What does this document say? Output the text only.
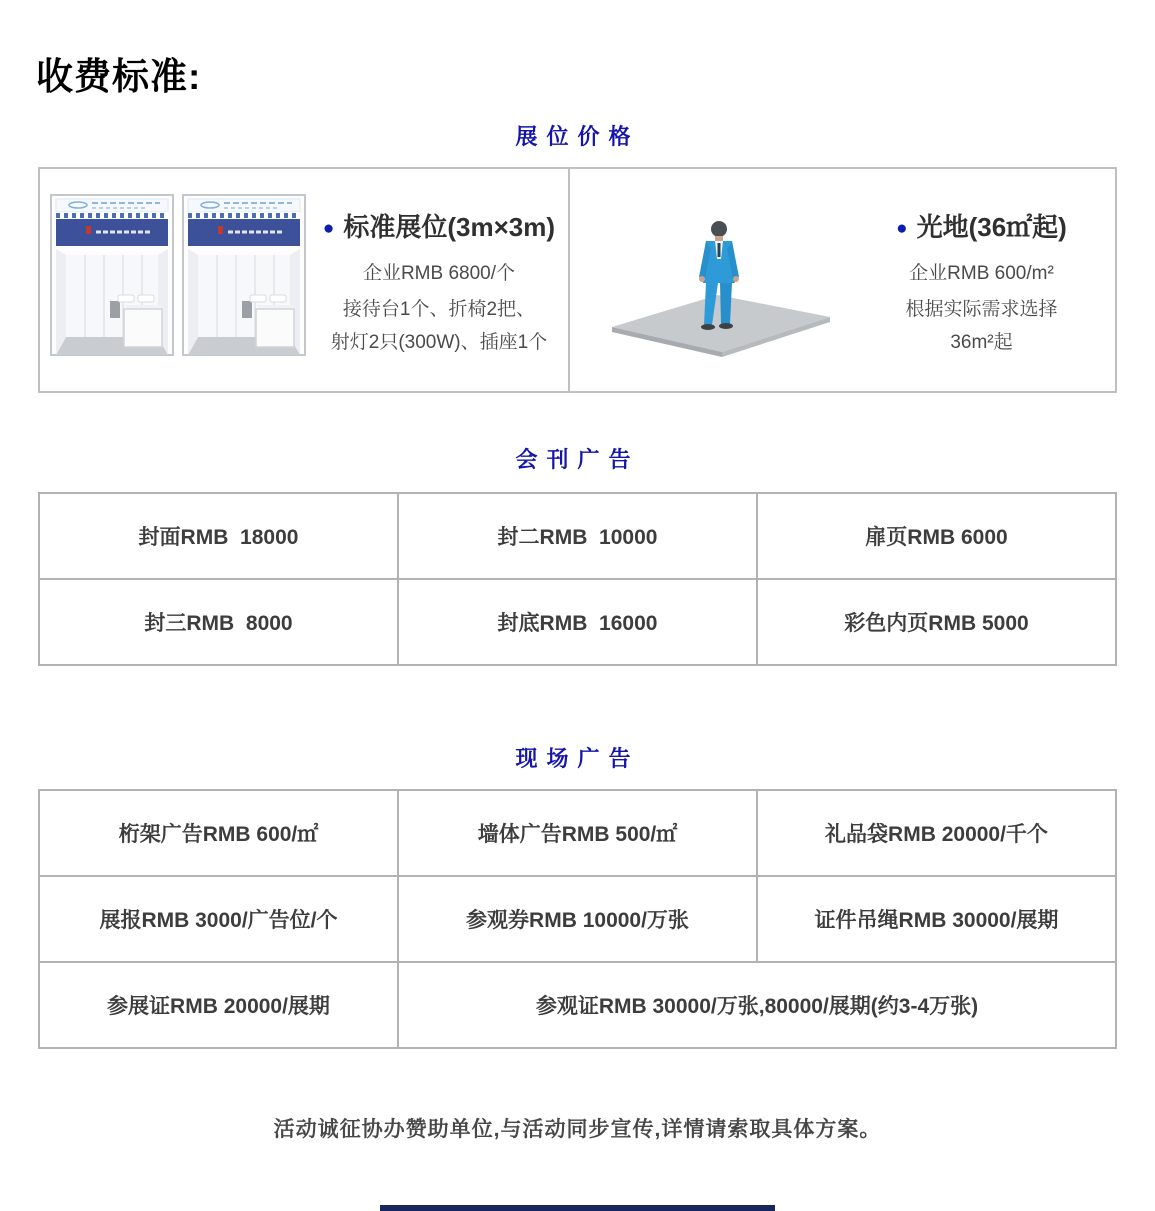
收费标准:
展位价格
● 标准展位(3m×3m)
企业RMB 6800/个
接待台1个、折椅2把、
射灯2只(300W)、插座1个
● 光地(36㎡起)
企业RMB 600/m²
根据实际需求选择
36m²起
会刊广告
封面RMB  18000	封二RMB  10000	扉页RMB 6000
封三RMB  8000	封底RMB  16000	彩色内页RMB 5000
现场广告
桁架广告RMB 600/㎡	墙体广告RMB 500/㎡	礼品袋RMB 20000/千个
展报RMB 3000/广告位/个	参观券RMB 10000/万张	证件吊绳RMB 30000/展期
参展证RMB 20000/展期	参观证RMB 30000/万张,80000/展期(约3-4万张)	
活动诚征协办赞助单位,与活动同步宣传,详情请索取具体方案。
